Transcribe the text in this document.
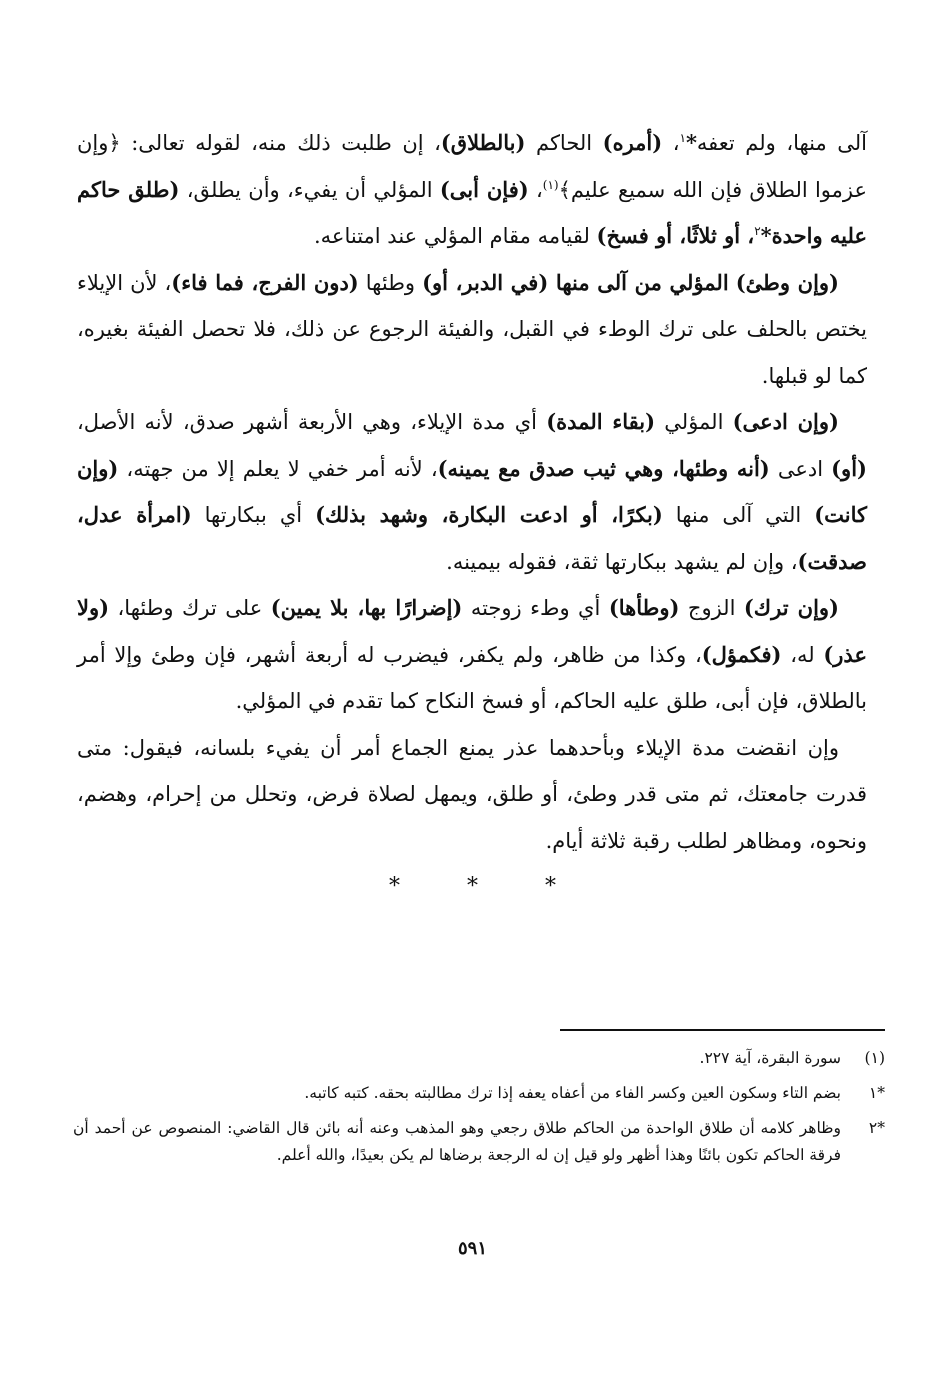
آلى منها، ولم تعفه*$^١$، (أمره) الحاكم (بالطلاق)، إن طلبت ذلك منه، لقوله تعالى: ﴿وإن عزموا الطلاق فإن الله سميع عليم﴾$^{(١)}$، (فإن أبى) المؤلي أن يفيء، وأن يطلق، (طلق حاكم عليه واحدة*$^٢$، أو ثلاثًا، أو فسخ) لقيامه مقام المؤلي عند امتناعه.

(وإن وطئ) المؤلي من آلى منها (في الدبر، أو) وطئها (دون الفرج، فما فاء)، لأن الإيلاء يختص بالحلف على ترك الوطء في القبل، والفيئة الرجوع عن ذلك، فلا تحصل الفيئة بغيره، كما لو قبلها.

(وإن ادعى) المؤلي (بقاء المدة) أي مدة الإيلاء، وهي الأربعة أشهر صدق، لأنه الأصل، (أو) ادعى (أنه وطئها، وهي ثيب صدق مع يمينه)، لأنه أمر خفي لا يعلم إلا من جهته، (وإن كانت) التي آلى منها (بكرًا، أو ادعت البكارة، وشهد بذلك) أي ببكارتها (امرأة عدل، صدقت)، وإن لم يشهد ببكارتها ثقة، فقوله بيمينه.

(وإن ترك) الزوج (وطأها) أي وطء زوجته (إضرارًا بها، بلا يمين) على ترك وطئها، (ولا عذر) له، (فكمؤل)، وكذا من ظاهر، ولم يكفر، فيضرب له أربعة أشهر، فإن وطئ وإلا أمر بالطلاق، فإن أبى، طلق عليه الحاكم، أو فسخ النكاح كما تقدم في المؤلي.

وإن انقضت مدة الإيلاء وبأحدهما عذر يمنع الجماع أمر أن يفيء بلسانه، فيقول: متى قدرت جامعتك، ثم متى قدر وطئ، أو طلق، ويمهل لصلاة فرض، وتحلل من إحرام، وهضم، ونحوه، ومظاهر لطلب رقبة ثلاثة أيام.

*	*	*
(١)
سورة البقرة، آية ٢٢٧.
*١
بضم التاء وسكون العين وكسر الفاء من أعفاه يعفه إذا ترك مطالبته بحقه. كتبه كاتبه.
*٢
وظاهر كلامه أن طلاق الواحدة من الحاكم طلاق رجعي وهو المذهب وعنه أنه بائن قال القاضي: المنصوص عن أحمد أن فرقة الحاكم تكون بائنًا وهذا أظهر ولو قيل إن له الرجعة برضاها لم يكن بعيدًا، والله أعلم.
٥٩١
